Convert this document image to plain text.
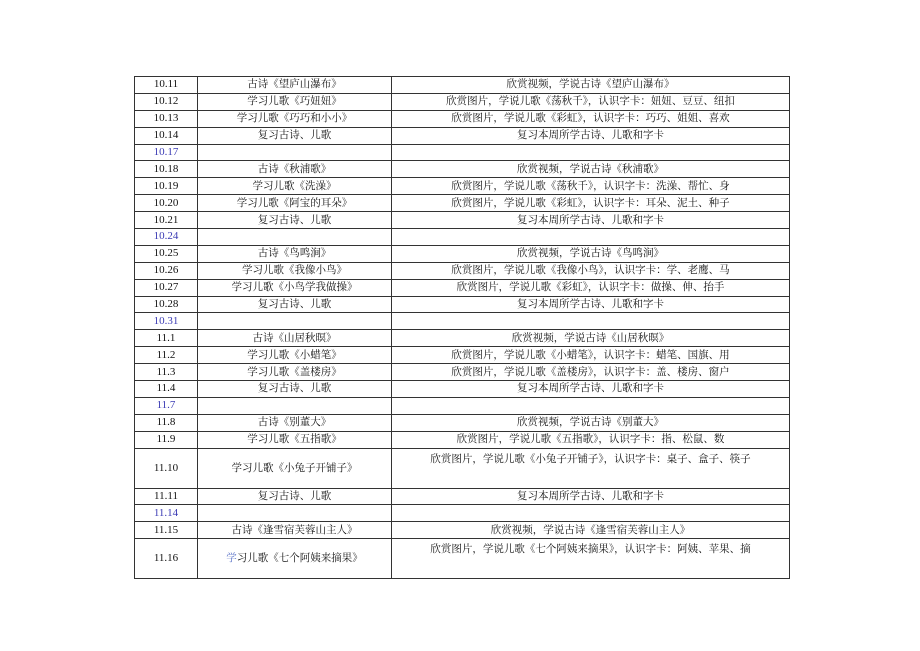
10.11	古诗《望庐山瀑布》	欣赏视频，学说古诗《望庐山瀑布》
10.12	学习儿歌《巧妞妞》	欣赏图片，学说儿歌《荡秋千》，认识字卡：妞妞、豆豆、纽扣
10.13	学习儿歌《巧巧和小小》	欣赏图片，学说儿歌《彩虹》，认识字卡：巧巧、姐姐、喜欢
10.14	复习古诗、儿歌	复习本周所学古诗、儿歌和字卡
10.17		
10.18	古诗《秋浦歌》	欣赏视频，学说古诗《秋浦歌》
10.19	学习儿歌《洗澡》	欣赏图片，学说儿歌《荡秋千》，认识字卡：洗澡、帮忙、身
10.20	学习儿歌《阿宝的耳朵》	欣赏图片，学说儿歌《彩虹》，认识字卡：耳朵、泥土、种子
10.21	复习古诗、儿歌	复习本周所学古诗、儿歌和字卡
10.24		
10.25	古诗《鸟鸣涧》	欣赏视频，学说古诗《鸟鸣涧》
10.26	学习儿歌《我像小鸟》	欣赏图片，学说儿歌《我像小鸟》，认识字卡：学、老鹰、马
10.27	学习儿歌《小鸟学我做操》	欣赏图片，学说儿歌《彩虹》，认识字卡：做操、伸、抬手
10.28	复习古诗、儿歌	复习本周所学古诗、儿歌和字卡
10.31		
11.1	古诗《山居秋暝》	欣赏视频，学说古诗《山居秋暝》
11.2	学习儿歌《小蜡笔》	欣赏图片，学说儿歌《小蜡笔》，认识字卡：蜡笔、国旗、用
11.3	学习儿歌《盖楼房》	欣赏图片，学说儿歌《盖楼房》，认识字卡：盖、楼房、窗户
11.4	复习古诗、儿歌	复习本周所学古诗、儿歌和字卡
11.7		
11.8	古诗《别董大》	欣赏视频，学说古诗《别董大》
11.9	学习儿歌《五指歌》	欣赏图片，学说儿歌《五指歌》，认识字卡：指、松鼠、数
11.10	学习儿歌《小兔子开铺子》	欣赏图片，学说儿歌《小兔子开铺子》，认识字卡：桌子、盒子、筷子
11.11	复习古诗、儿歌	复习本周所学古诗、儿歌和字卡
11.14		
11.15	古诗《逢雪宿芙蓉山主人》	欣赏视频，学说古诗《逢雪宿芙蓉山主人》
11.16	学习儿歌《七个阿姨来摘果》	欣赏图片，学说儿歌《七个阿姨来摘果》，认识字卡：阿姨、苹果、摘
